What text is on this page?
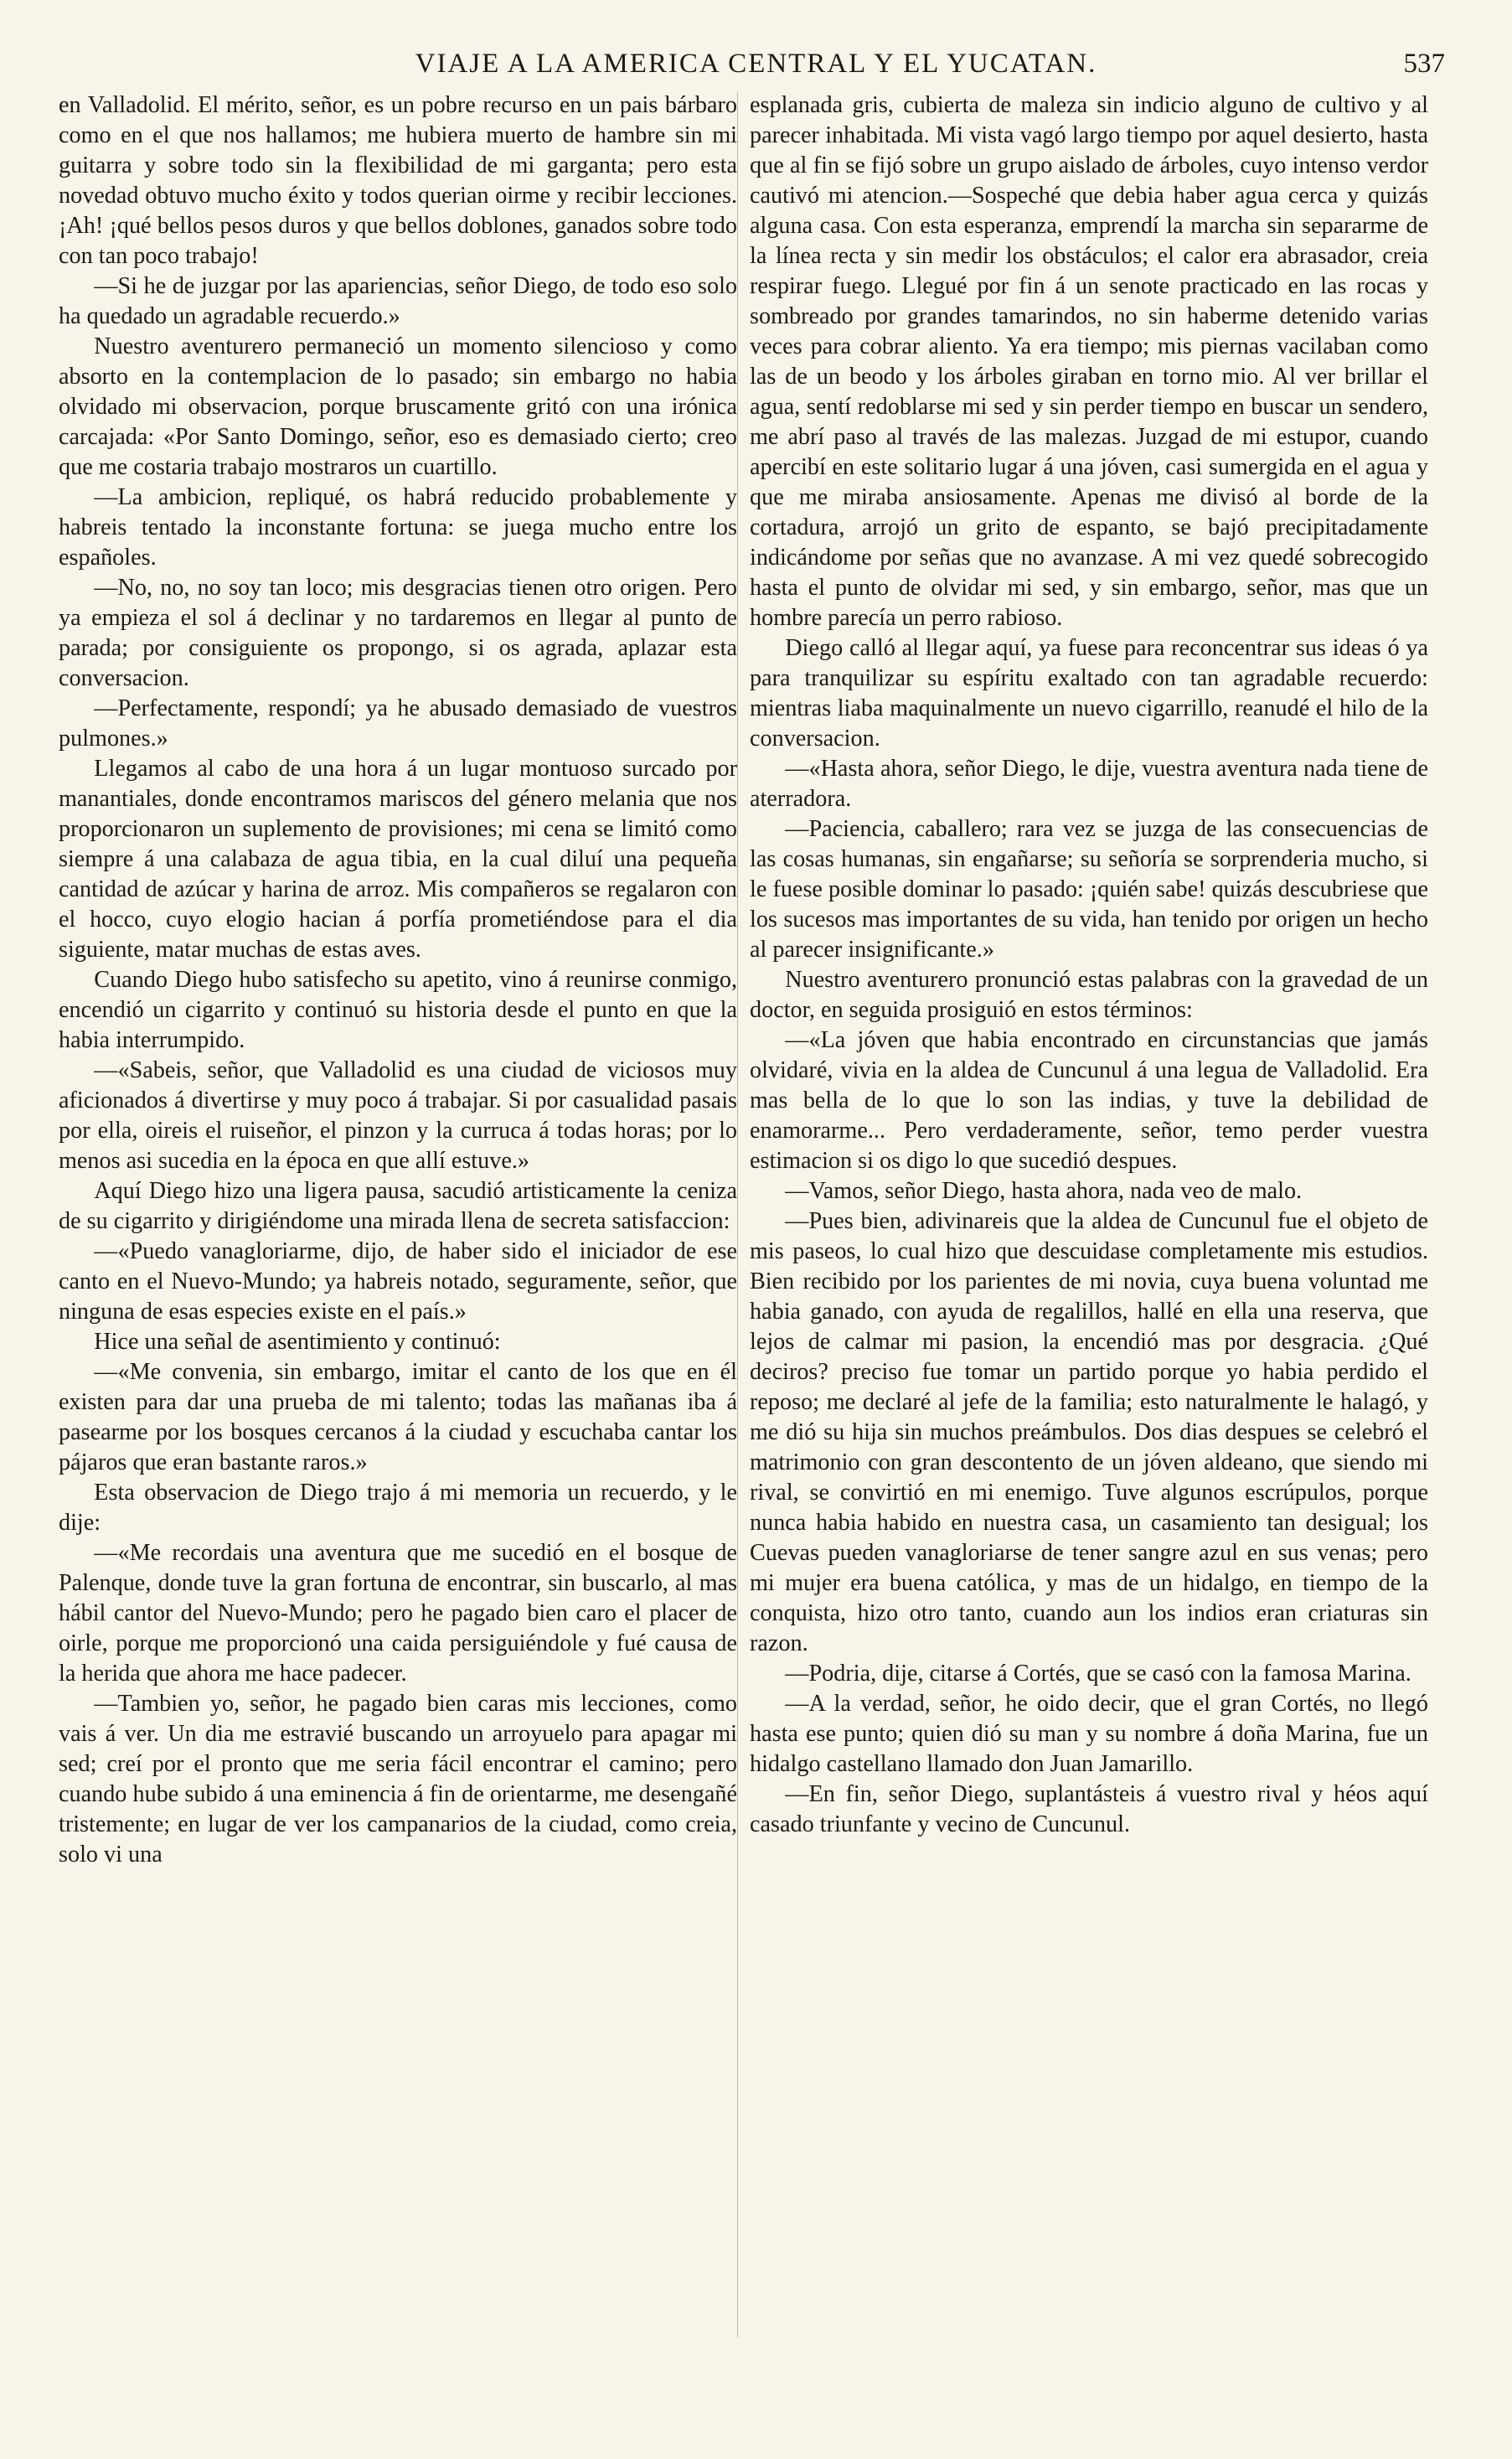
VIAJE A LA AMERICA CENTRAL Y EL YUCATAN.	537

en Valladolid. El mérito, señor, es un pobre recurso en un pais bárbaro como en el que nos hallamos; me hubiera muerto de hambre sin mi guitarra y sobre todo sin la flexibilidad de mi garganta; pero esta novedad obtuvo mucho éxito y todos querian oirme y recibir lecciones. ¡Ah! ¡qué bellos pesos duros y que bellos doblones, ganados sobre todo con tan poco trabajo!

—Si he de juzgar por las apariencias, señor Diego, de todo eso solo ha quedado un agradable recuerdo.»

Nuestro aventurero permaneció un momento silencioso y como absorto en la contemplacion de lo pasado; sin embargo no habia olvidado mi observacion, porque bruscamente gritó con una irónica carcajada: «Por Santo Domingo, señor, eso es demasiado cierto; creo que me costaria trabajo mostraros un cuartillo.

—La ambicion, repliqué, os habrá reducido probablemente y habreis tentado la inconstante fortuna: se juega mucho entre los españoles.

—No, no, no soy tan loco; mis desgracias tienen otro origen. Pero ya empieza el sol á declinar y no tardaremos en llegar al punto de parada; por consiguiente os propongo, si os agrada, aplazar esta conversacion.

—Perfectamente, respondí; ya he abusado demasiado de vuestros pulmones.»

Llegamos al cabo de una hora á un lugar montuoso surcado por manantiales, donde encontramos mariscos del género melania que nos proporcionaron un suplemento de provisiones; mi cena se limitó como siempre á una calabaza de agua tibia, en la cual diluí una pequeña cantidad de azúcar y harina de arroz. Mis compañeros se regalaron con el hocco, cuyo elogio hacian á porfía prometiéndose para el dia siguiente, matar muchas de estas aves.

Cuando Diego hubo satisfecho su apetito, vino á reunirse conmigo, encendió un cigarrito y continuó su historia desde el punto en que la habia interrumpido.

—«Sabeis, señor, que Valladolid es una ciudad de viciosos muy aficionados á divertirse y muy poco á trabajar. Si por casualidad pasais por ella, oireis el ruiseñor, el pinzon y la curruca á todas horas; por lo menos asi sucedia en la época en que allí estuve.»

Aquí Diego hizo una ligera pausa, sacudió artisticamente la ceniza de su cigarrito y dirigiéndome una mirada llena de secreta satisfaccion:

—«Puedo vanagloriarme, dijo, de haber sido el iniciador de ese canto en el Nuevo-Mundo; ya habreis notado, seguramente, señor, que ninguna de esas especies existe en el país.»

Hice una señal de asentimiento y continuó:

—«Me convenia, sin embargo, imitar el canto de los que en él existen para dar una prueba de mi talento; todas las mañanas iba á pasearme por los bosques cercanos á la ciudad y escuchaba cantar los pájaros que eran bastante raros.»

Esta observacion de Diego trajo á mi memoria un recuerdo, y le dije:

—«Me recordais una aventura que me sucedió en el bosque de Palenque, donde tuve la gran fortuna de encontrar, sin buscarlo, al mas hábil cantor del Nuevo-Mundo; pero he pagado bien caro el placer de oirle, porque me proporcionó una caida persiguiéndole y fué causa de la herida que ahora me hace padecer.

—Tambien yo, señor, he pagado bien caras mis lecciones, como vais á ver. Un dia me estravié buscando un arroyuelo para apagar mi sed; creí por el pronto que me seria fácil encontrar el camino; pero cuando hube subido á una eminencia á fin de orientarme, me desengañé tristemente; en lugar de ver los campanarios de la ciudad, como creia, solo vi una

esplanada gris, cubierta de maleza sin indicio alguno de cultivo y al parecer inhabitada. Mi vista vagó largo tiempo por aquel desierto, hasta que al fin se fijó sobre un grupo aislado de árboles, cuyo intenso verdor cautivó mi atencion.—Sospeché que debia haber agua cerca y quizás alguna casa. Con esta esperanza, emprendí la marcha sin separarme de la línea recta y sin medir los obstáculos; el calor era abrasador, creia respirar fuego. Llegué por fin á un senote practicado en las rocas y sombreado por grandes tamarindos, no sin haberme detenido varias veces para cobrar aliento. Ya era tiempo; mis piernas vacilaban como las de un beodo y los árboles giraban en torno mio. Al ver brillar el agua, sentí redoblarse mi sed y sin perder tiempo en buscar un sendero, me abrí paso al través de las malezas. Juzgad de mi estupor, cuando apercibí en este solitario lugar á una jóven, casi sumergida en el agua y que me miraba ansiosamente. Apenas me divisó al borde de la cortadura, arrojó un grito de espanto, se bajó precipitadamente indicándome por señas que no avanzase. A mi vez quedé sobrecogido hasta el punto de olvidar mi sed, y sin embargo, señor, mas que un hombre parecía un perro rabioso.

Diego calló al llegar aquí, ya fuese para reconcentrar sus ideas ó ya para tranquilizar su espíritu exaltado con tan agradable recuerdo: mientras liaba maquinalmente un nuevo cigarrillo, reanudé el hilo de la conversacion.

—«Hasta ahora, señor Diego, le dije, vuestra aventura nada tiene de aterradora.

—Paciencia, caballero; rara vez se juzga de las consecuencias de las cosas humanas, sin engañarse; su señoría se sorprenderia mucho, si le fuese posible dominar lo pasado: ¡quién sabe! quizás descubriese que los sucesos mas importantes de su vida, han tenido por origen un hecho al parecer insignificante.»

Nuestro aventurero pronunció estas palabras con la gravedad de un doctor, en seguida prosiguió en estos términos:

—«La jóven que habia encontrado en circunstancias que jamás olvidaré, vivia en la aldea de Cuncunul á una legua de Valladolid. Era mas bella de lo que lo son las indias, y tuve la debilidad de enamorarme... Pero verdaderamente, señor, temo perder vuestra estimacion si os digo lo que sucedió despues.

—Vamos, señor Diego, hasta ahora, nada veo de malo.

—Pues bien, adivinareis que la aldea de Cuncunul fue el objeto de mis paseos, lo cual hizo que descuidase completamente mis estudios. Bien recibido por los parientes de mi novia, cuya buena voluntad me habia ganado, con ayuda de regalillos, hallé en ella una reserva, que lejos de calmar mi pasion, la encendió mas por desgracia. ¿Qué deciros? preciso fue tomar un partido porque yo habia perdido el reposo; me declaré al jefe de la familia; esto naturalmente le halagó, y me dió su hija sin muchos preámbulos. Dos dias despues se celebró el matrimonio con gran descontento de un jóven aldeano, que siendo mi rival, se convirtió en mi enemigo. Tuve algunos escrúpulos, porque nunca habia habido en nuestra casa, un casamiento tan desigual; los Cuevas pueden vanagloriarse de tener sangre azul en sus venas; pero mi mujer era buena católica, y mas de un hidalgo, en tiempo de la conquista, hizo otro tanto, cuando aun los indios eran criaturas sin razon.

—Podria, dije, citarse á Cortés, que se casó con la famosa Marina.

—A la verdad, señor, he oido decir, que el gran Cortés, no llegó hasta ese punto; quien dió su man y su nombre á doña Marina, fue un hidalgo castellano llamado don Juan Jamarillo.

—En fin, señor Diego, suplantásteis á vuestro rival y héos aquí casado triunfante y vecino de Cuncunul.
